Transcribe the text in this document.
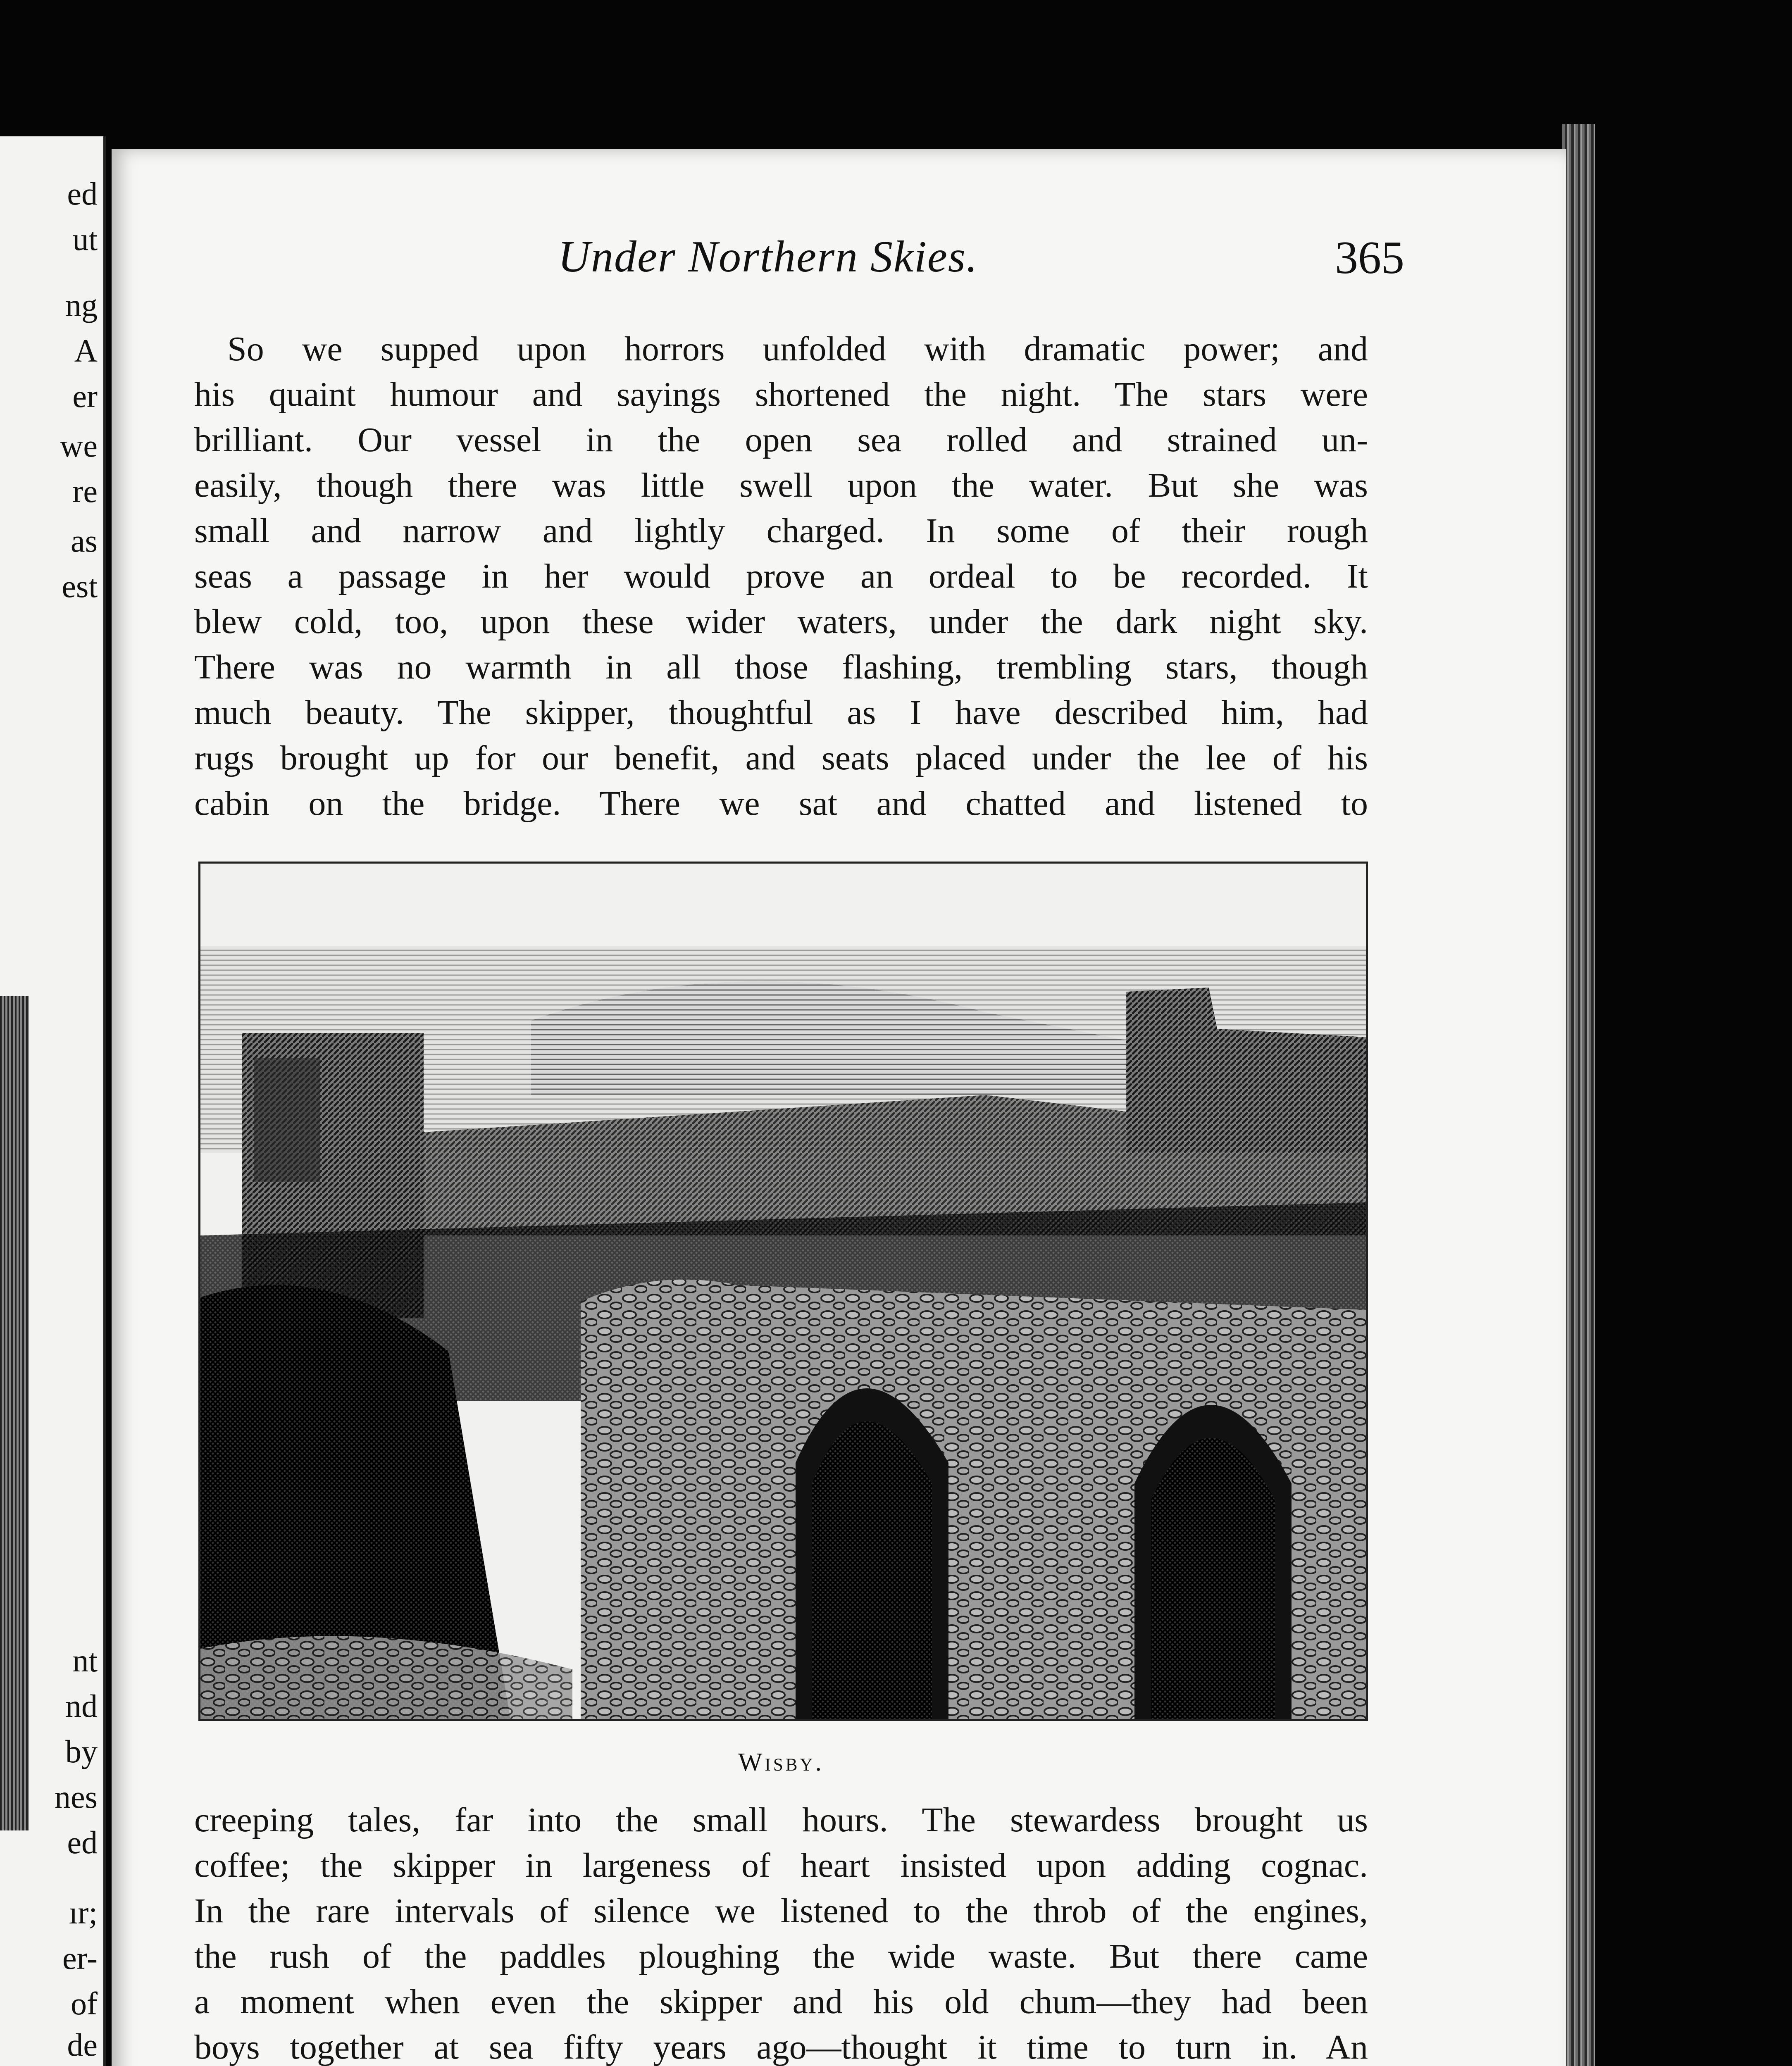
ed
ut
ng
A
er
we
re
as
est
nt
nd
by
nes
ed
ır;
er-
of
de
Under Northern Skies.	365
So we supped upon horrors unfolded with dramatic power; and
his quaint humour and sayings shortened the night. The stars were
brilliant. Our vessel in the open sea rolled and strained un-
easily, though there was little swell upon the water. But she was
small and narrow and lightly charged. In some of their rough
seas a passage in her would prove an ordeal to be recorded. It
blew cold, too, upon these wider waters, under the dark night sky.
There was no warmth in all those flashing, trembling stars, though
much beauty. The skipper, thoughtful as I have described him, had
rugs brought up for our benefit, and seats placed under the lee of his
cabin on the bridge. There we sat and chatted and listened to
Wisby.
creeping tales, far into the small hours. The stewardess brought us
coffee; the skipper in largeness of heart insisted upon adding cognac.
In the rare intervals of silence we listened to the throb of the engines,
the rush of the paddles ploughing the wide waste. But there came
a moment when even the skipper and his old chum—they had been
boys together at sea fifty years ago—thought it time to turn in. An
